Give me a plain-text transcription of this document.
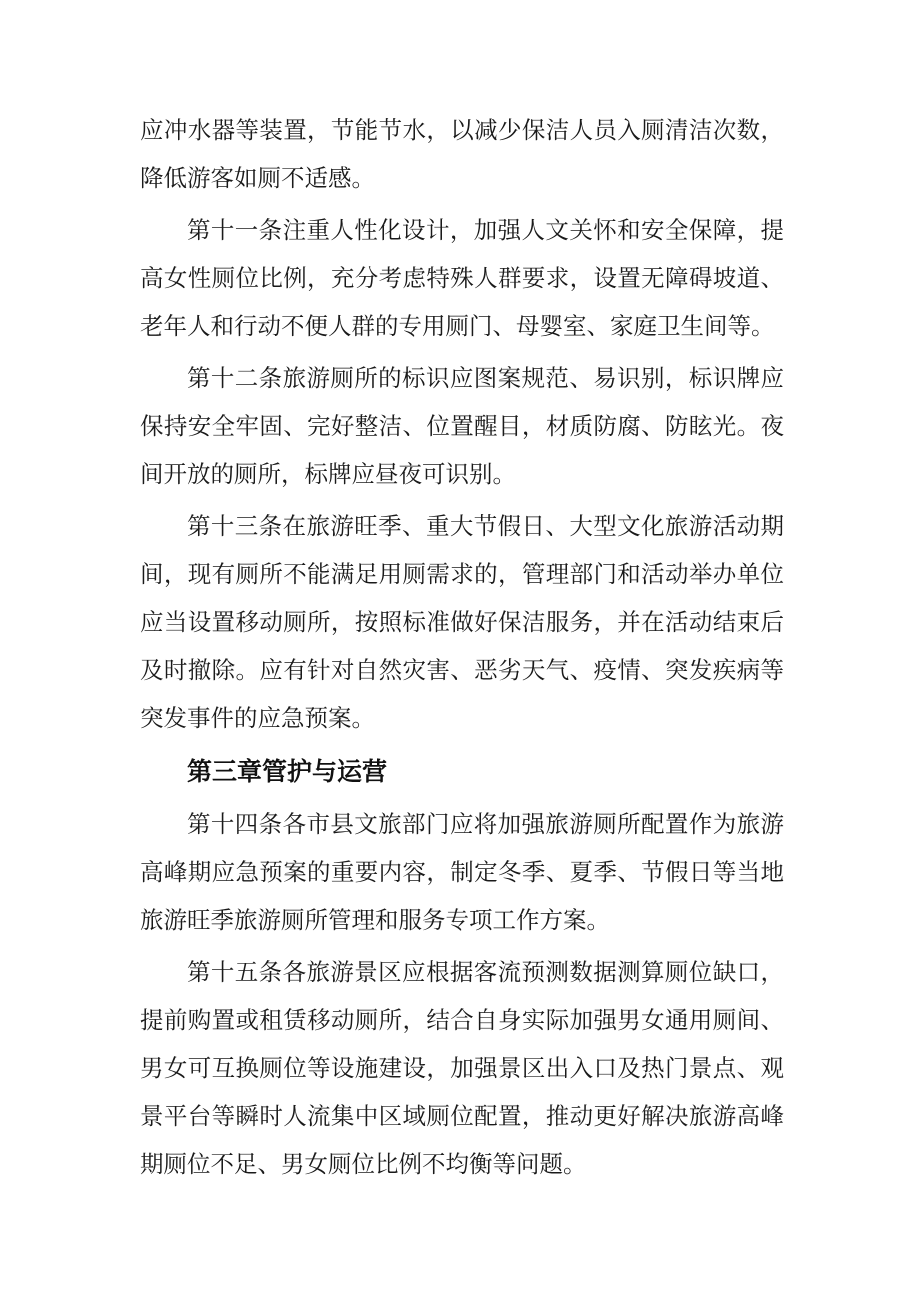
应冲水器等装置，节能节水，以减少保洁人员入厕清洁次数，降低游客如厕不适感。

第十一条注重人性化设计，加强人文关怀和安全保障，提高女性厕位比例，充分考虑特殊人群要求，设置无障碍坡道、老年人和行动不便人群的专用厕门、母婴室、家庭卫生间等。

第十二条旅游厕所的标识应图案规范、易识别，标识牌应保持安全牢固、完好整洁、位置醒目，材质防腐、防眩光。夜间开放的厕所，标牌应昼夜可识别。

第十三条在旅游旺季、重大节假日、大型文化旅游活动期间，现有厕所不能满足用厕需求的，管理部门和活动举办单位应当设置移动厕所，按照标准做好保洁服务，并在活动结束后及时撤除。应有针对自然灾害、恶劣天气、疫情、突发疾病等突发事件的应急预案。

第三章管护与运营

第十四条各市县文旅部门应将加强旅游厕所配置作为旅游高峰期应急预案的重要内容，制定冬季、夏季、节假日等当地旅游旺季旅游厕所管理和服务专项工作方案。

第十五条各旅游景区应根据客流预测数据测算厕位缺口，提前购置或租赁移动厕所，结合自身实际加强男女通用厕间、男女可互换厕位等设施建设，加强景区出入口及热门景点、观景平台等瞬时人流集中区域厕位配置，推动更好解决旅游高峰期厕位不足、男女厕位比例不均衡等问题。
